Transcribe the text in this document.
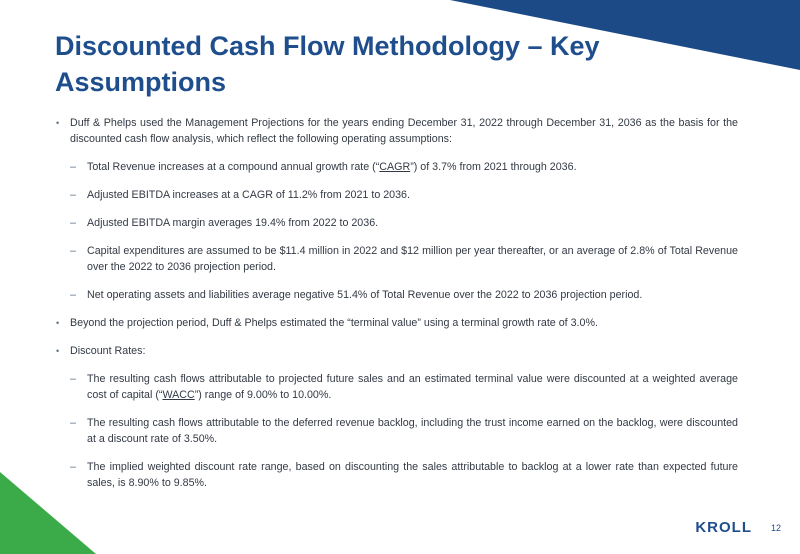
Discounted Cash Flow Methodology – Key Assumptions
• Duff & Phelps used the Management Projections for the years ending December 31, 2022 through December 31, 2036 as the basis for the discounted cash flow analysis, which reflect the following operating assumptions:
– Total Revenue increases at a compound annual growth rate (“CAGR”) of 3.7% from 2021 through 2036.
– Adjusted EBITDA increases at a CAGR of 11.2% from 2021 to 2036.
– Adjusted EBITDA margin averages 19.4% from 2022 to 2036.
– Capital expenditures are assumed to be $11.4 million in 2022 and $12 million per year thereafter, or an average of 2.8% of Total Revenue over the 2022 to 2036 projection period.
– Net operating assets and liabilities average negative 51.4% of Total Revenue over the 2022 to 2036 projection period.
• Beyond the projection period, Duff & Phelps estimated the “terminal value” using a terminal growth rate of 3.0%.
• Discount Rates:
– The resulting cash flows attributable to projected future sales and an estimated terminal value were discounted at a weighted average cost of capital (“WACC”) range of 9.00% to 10.00%.
– The resulting cash flows attributable to the deferred revenue backlog, including the trust income earned on the backlog, were discounted at a discount rate of 3.50%.
– The implied weighted discount rate range, based on discounting the sales attributable to backlog at a lower rate than expected future sales, is 8.90% to 9.85%.
KROLL 12
